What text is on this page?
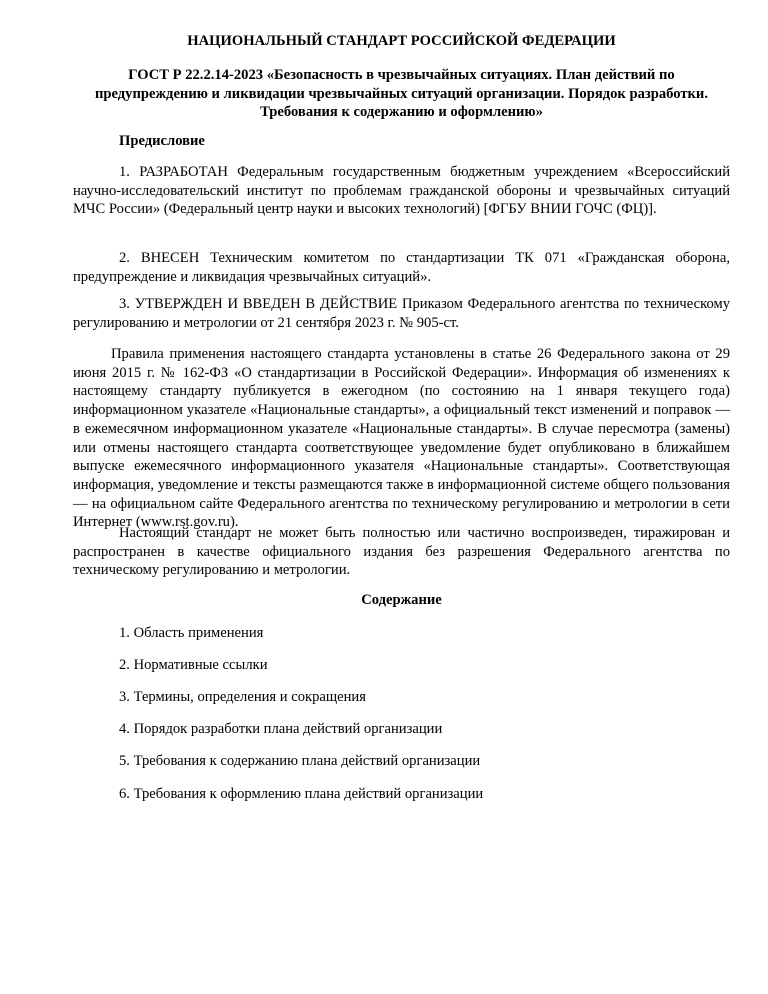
НАЦИОНАЛЬНЫЙ СТАНДАРТ РОССИЙСКОЙ ФЕДЕРАЦИИ
ГОСТ Р 22.2.14-2023 «Безопасность в чрезвычайных ситуациях. План действий по предупреждению и ликвидации чрезвычайных ситуаций организации. Порядок разработки. Требования к содержанию и оформлению»
Предисловие

1. РАЗРАБОТАН Федеральным государственным бюджетным учреждением «Всероссийский научно-исследовательский институт по проблемам гражданской обороны и чрезвычайных ситуаций МЧС России» (Федеральный центр науки и высоких технологий) [ФГБУ ВНИИ ГОЧС (ФЦ)].

2. ВНЕСЕН Техническим комитетом по стандартизации ТК 071 «Гражданская оборона, предупреждение и ликвидация чрезвычайных ситуаций».

3. УТВЕРЖДЕН И ВВЕДЕН В ДЕЙСТВИЕ Приказом Федерального агентства по техническому регулированию и метрологии от 21 сентября 2023 г. № 905-ст.

Правила применения настоящего стандарта установлены в статье 26 Федерального закона от 29 июня 2015 г. № 162-ФЗ «О стандартизации в Российской Федерации». Информация об изменениях к настоящему стандарту публикуется в ежегодном (по состоянию на 1 января текущего года) информационном указателе «Национальные стандарты», а официальный текст изменений и поправок — в ежемесячном информационном указателе «Национальные стандарты». В случае пересмотра (замены) или отмены настоящего стандарта соответствующее уведомление будет опубликовано в ближайшем выпуске ежемесячного информационного указателя «Национальные стандарты». Соответствующая информация, уведомление и тексты размещаются также в информационной системе общего пользования — на официальном сайте Федерального агентства по техническому регулированию и метрологии в сети Интернет (www.rst.gov.ru).

Настоящий стандарт не может быть полностью или частично воспроизведен, тиражирован и распространен в качестве официального издания без разрешения Федерального агентства по техническому регулированию и метрологии.

Содержание
1. Область применения
2. Нормативные ссылки
3. Термины, определения и сокращения
4. Порядок разработки плана действий организации
5. Требования к содержанию плана действий организации
6. Требования к оформлению плана действий организации
